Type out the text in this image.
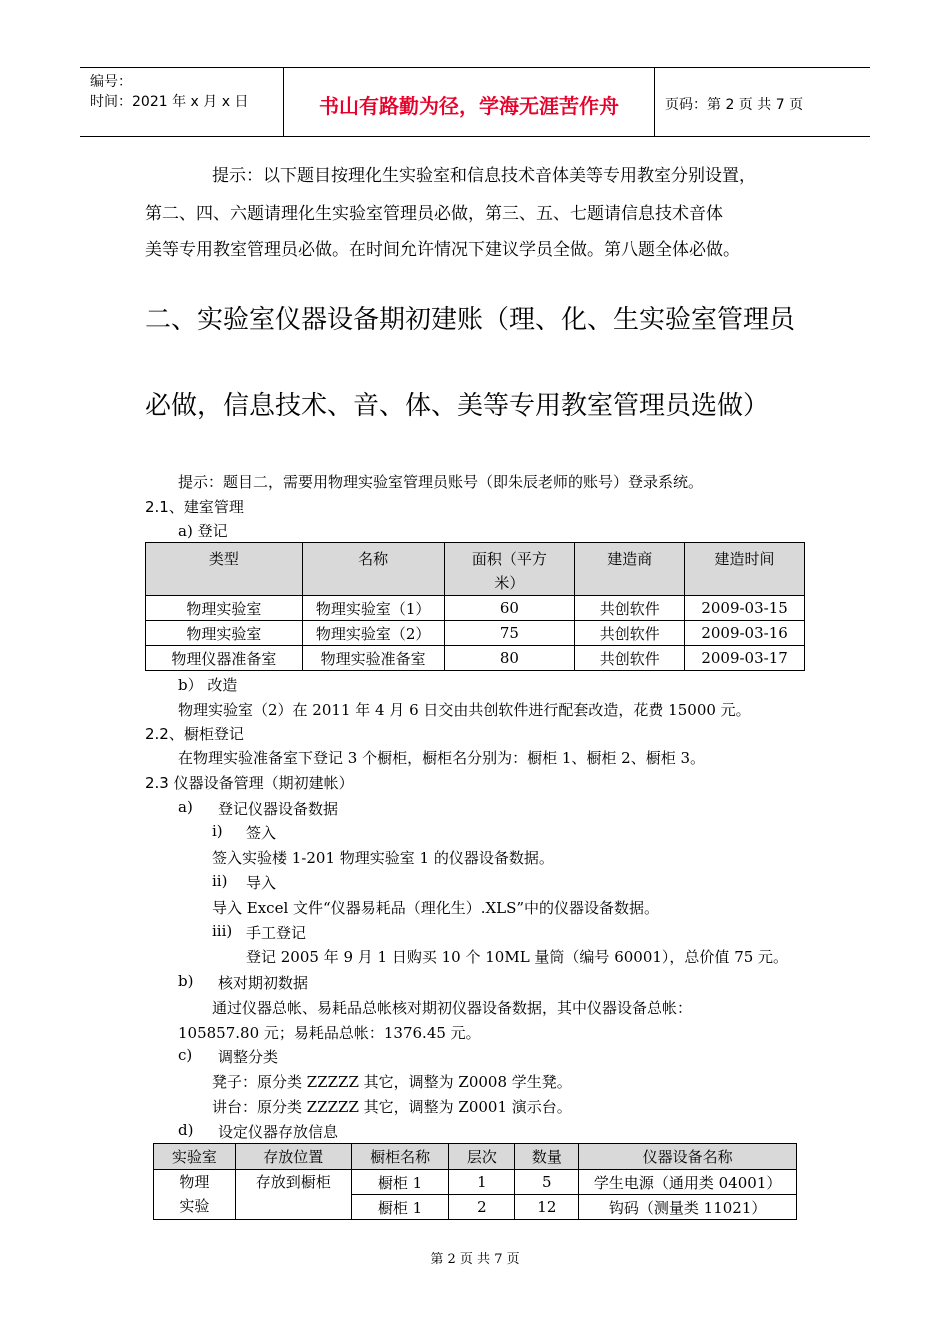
编号：
时间：2021 年 x 月 x 日	书山有路勤为径，学海无涯苦作舟	页码：第 2 页 共 7 页
提示：以下题目按理化生实验室和信息技术音体美等专用教室分别设置，
第二、四、六题请理化生实验室管理员必做，第三、五、七题请信息技术音体
美等专用教室管理员必做。在时间允许情况下建议学员全做。第八题全体必做。
二、实验室仪器设备期初建账（理、化、生实验室管理员
必做，信息技术、音、体、美等专用教室管理员选做）
提示：题目二，需要用物理实验室管理员账号（即朱辰老师的账号）登录系统。
2.1、建室管理
a) 登记
类型	名称	面积（平方
米）	建造商	建造时间
物理实验室	物理实验室（1）	60	共创软件	2009-03-15
物理实验室	物理实验室（2）	75	共创软件	2009-03-16
物理仪器准备室	物理实验准备室	80	共创软件	2009-03-17
b） 改造
物理实验室（2）在 2011 年 4 月 6 日交由共创软件进行配套改造，花费 15000 元。
2.2、橱柜登记
在物理实验准备室下登记 3 个橱柜，橱柜名分别为：橱柜 1、橱柜 2、橱柜 3。
2.3 仪器设备管理（期初建帐）
a) 登记仪器设备数据
i) 签入
签入实验楼 1-201 物理实验室 1 的仪器设备数据。
ii) 导入
导入 Excel 文件“仪器易耗品（理化生）.XLS”中的仪器设备数据。
iii) 手工登记
登记 2005 年 9 月 1 日购买 10 个 10ML 量筒（编号 60001），总价值 75 元。
b) 核对期初数据
通过仪器总帐、易耗品总帐核对期初仪器设备数据，其中仪器设备总帐：
105857.80 元；易耗品总帐：1376.45 元。
c) 调整分类
凳子：原分类 ZZZZZ 其它，调整为 Z0008 学生凳。
讲台：原分类 ZZZZZ 其它，调整为 Z0001 演示台。
d) 设定仪器存放信息
实验室	存放位置	橱柜名称	层次	数量	仪器设备名称
物理
实验	存放到橱柜	橱柜 1	1	5	学生电源（通用类 04001）
		橱柜 1	2	12	钩码（测量类 11021）
第 2 页 共 7 页
